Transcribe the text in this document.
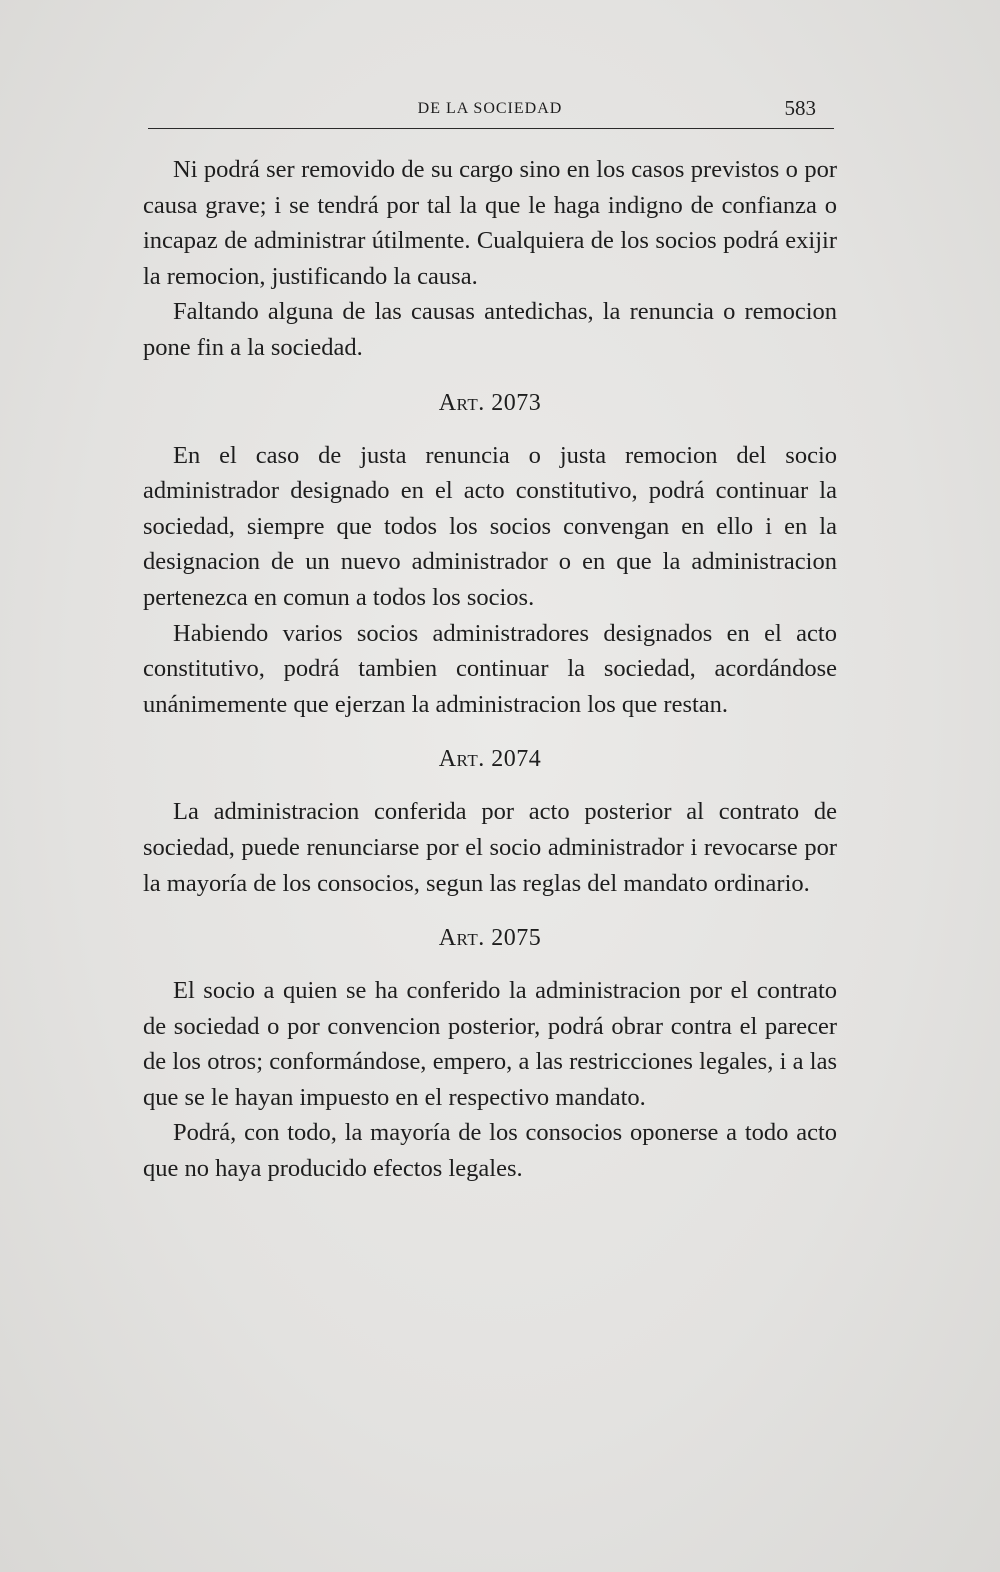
DE LA SOCIEDAD	583

Ni podrá ser removido de su cargo sino en los casos previstos o por causa grave; i se tendrá por tal la que le haga indigno de confianza o incapaz de administrar útilmente. Cualquiera de los socios podrá exijir la remocion, justificando la causa.

Faltando alguna de las causas antedichas, la renuncia o remocion pone fin a la sociedad.

Art. 2073

En el caso de justa renuncia o justa remocion del socio administrador designado en el acto constitutivo, podrá continuar la sociedad, siempre que todos los socios convengan en ello i en la designacion de un nuevo administrador o en que la administracion pertenezca en comun a todos los socios.

Habiendo varios socios administradores designados en el acto constitutivo, podrá tambien continuar la sociedad, acordándose unánimemente que ejerzan la administracion los que restan.

Art. 2074

La administracion conferida por acto posterior al contrato de sociedad, puede renunciarse por el socio administrador i revocarse por la mayoría de los consocios, segun las reglas del mandato ordinario.

Art. 2075

El socio a quien se ha conferido la administracion por el contrato de sociedad o por convencion posterior, podrá obrar contra el parecer de los otros; conformándose, empero, a las restricciones legales, i a las que se le hayan impuesto en el respectivo mandato.

Podrá, con todo, la mayoría de los consocios oponerse a todo acto que no haya producido efectos legales.
